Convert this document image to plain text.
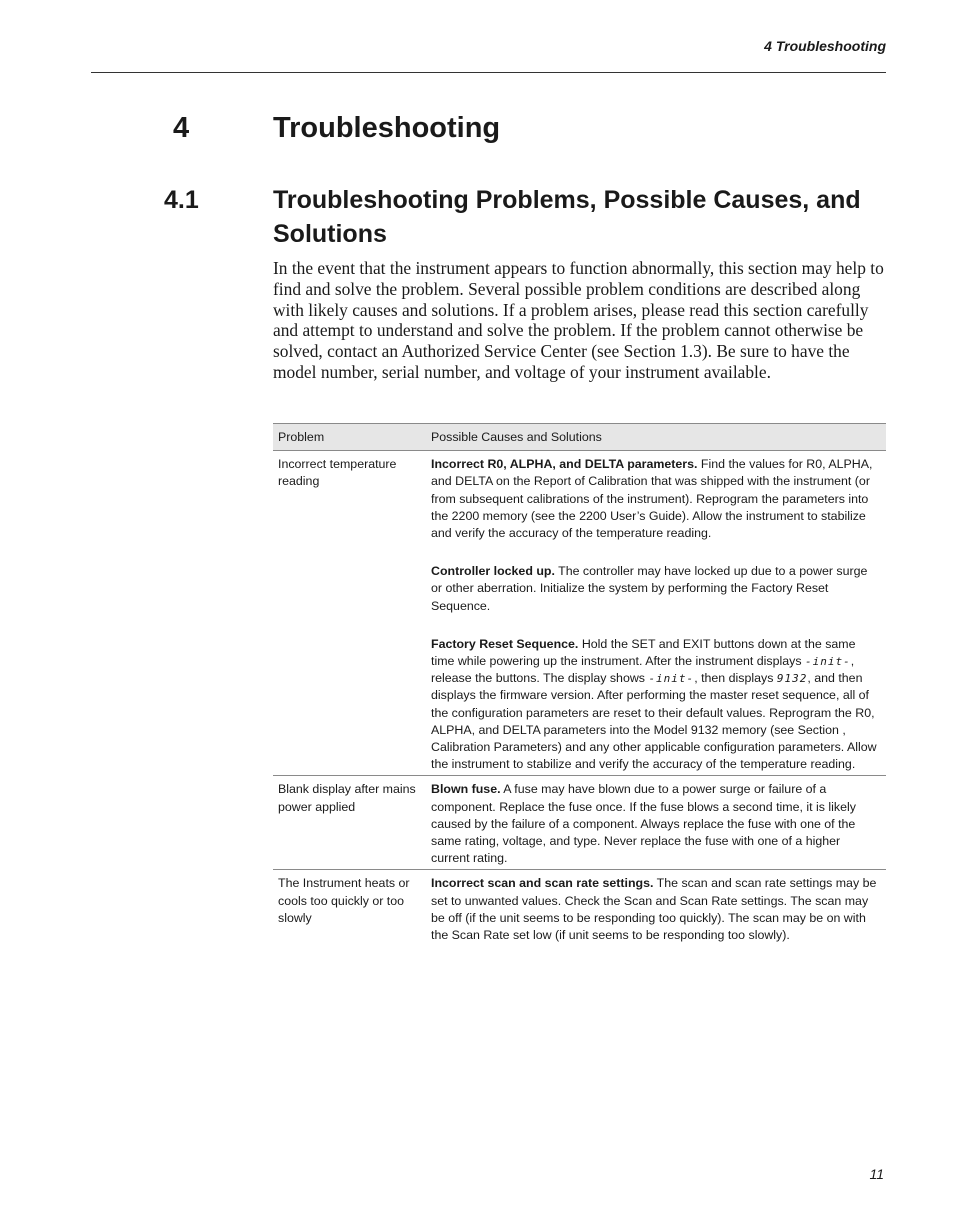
4 Troubleshooting
4	Troubleshooting
4.1	Troubleshooting Problems, Possible Causes, and Solutions

In the event that the instrument appears to function abnormally, this section may help to find and solve the problem. Several possible problem conditions are described along with likely causes and solutions. If a problem arises, please read this section carefully and attempt to understand and solve the problem. If the problem cannot otherwise be solved, contact an Authorized Service Center (see Section 1.3). Be sure to have the model number, serial number, and voltage of your instrument available.

Problem	Possible Causes and Solutions
Incorrect temperature reading	Incorrect R0, ALPHA, and DELTA parameters. Find the values for R0, ALPHA, and DELTA on the Report of Calibration that was shipped with the instrument (or from subsequent calibrations of the instrument). Reprogram the parameters into the 2200 memory (see the 2200 User’s Guide). Allow the instrument to stabilize and verify the accuracy of the temperature reading.

Controller locked up. The controller may have locked up due to a power surge or other aberration. Initialize the system by performing the Factory Reset Sequence.

Factory Reset Sequence. Hold the SET and EXIT buttons down at the same time while powering up the instrument. After the instrument displays -init-, release the buttons. The display shows -init-, then displays 9132, and then displays the firmware version. After performing the master reset sequence, all of the configuration parameters are reset to their default values. Reprogram the R0, ALPHA, and DELTA parameters into the Model 9132 memory (see Section , Calibration Parameters) and any other applicable configuration parameters. Allow the instrument to stabilize and verify the accuracy of the temperature reading.

Blank display after mains power applied	Blown fuse. A fuse may have blown due to a power surge or failure of a component. Replace the fuse once. If the fuse blows a second time, it is likely caused by the failure of a component. Always replace the fuse with one of the same rating, voltage, and type. Never replace the fuse with one of a higher current rating.

The Instrument heats or cools too quickly or too slowly	Incorrect scan and scan rate settings. The scan and scan rate settings may be set to unwanted values. Check the Scan and Scan Rate settings. The scan may be off (if the unit seems to be responding too quickly). The scan may be on with the Scan Rate set low (if unit seems to be responding too slowly).

11
